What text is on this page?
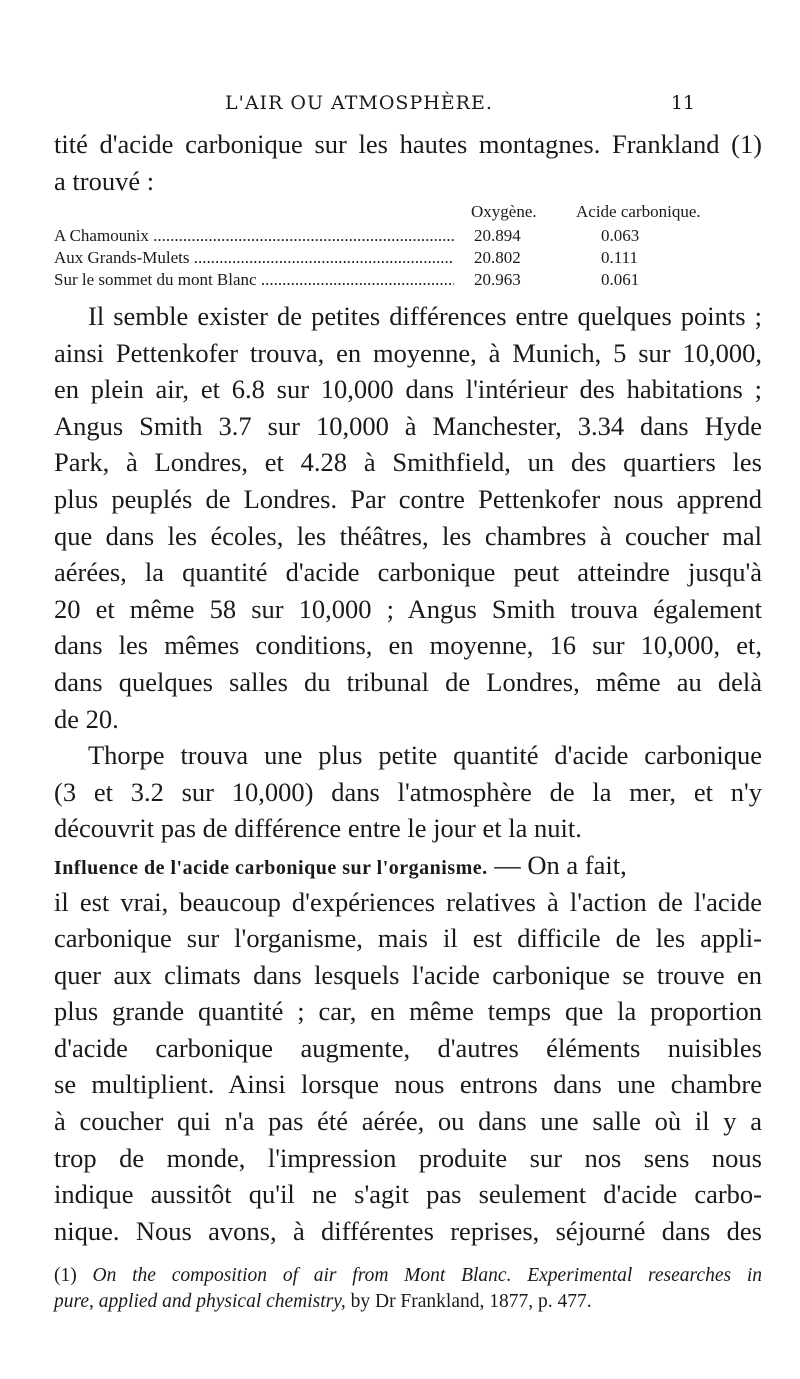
L'AIR OU ATMOSPHÈRE.	11
tité d'acide carbonique sur les hautes montagnes. Frankland (1)
a trouvé :
Oxygène. Acide carbonique.
A Chamounix .....	20.894	0.063
Aux Grands-Mulets .....	20.802	0.111
Sur le sommet du mont Blanc .....	20.963	0.061
Il semble exister de petites différences entre quelques points ;
ainsi Pettenkofer trouva, en moyenne, à Munich, 5 sur 10,000,
en plein air, et 6.8 sur 10,000 dans l'intérieur des habitations ;
Angus Smith 3.7 sur 10,000 à Manchester, 3.34 dans Hyde
Park, à Londres, et 4.28 à Smithfield, un des quartiers les
plus peuplés de Londres. Par contre Pettenkofer nous apprend
que dans les écoles, les théâtres, les chambres à coucher mal
aérées, la quantité d'acide carbonique peut atteindre jusqu'à
20 et même 58 sur 10,000 ; Angus Smith trouva également
dans les mêmes conditions, en moyenne, 16 sur 10,000, et,
dans quelques salles du tribunal de Londres, même au delà
de 20.
Thorpe trouva une plus petite quantité d'acide carbonique
(3 et 3.2 sur 10,000) dans l'atmosphère de la mer, et n'y
découvrit pas de différence entre le jour et la nuit.
Influence de l'acide carbonique sur l'organisme. — On a fait,
il est vrai, beaucoup d'expériences relatives à l'action de l'acide
carbonique sur l'organisme, mais il est difficile de les appli-
quer aux climats dans lesquels l'acide carbonique se trouve en
plus grande quantité ; car, en même temps que la proportion
d'acide carbonique augmente, d'autres éléments nuisibles
se multiplient. Ainsi lorsque nous entrons dans une chambre
à coucher qui n'a pas été aérée, ou dans une salle où il y a
trop de monde, l'impression produite sur nos sens nous
indique aussitôt qu'il ne s'agit pas seulement d'acide carbo-
nique. Nous avons, à différentes reprises, séjourné dans des
(1) On the composition of air from Mont Blanc. Experimental researches in
pure, applied and physical chemistry, by Dr Frankland, 1877, p. 477.
